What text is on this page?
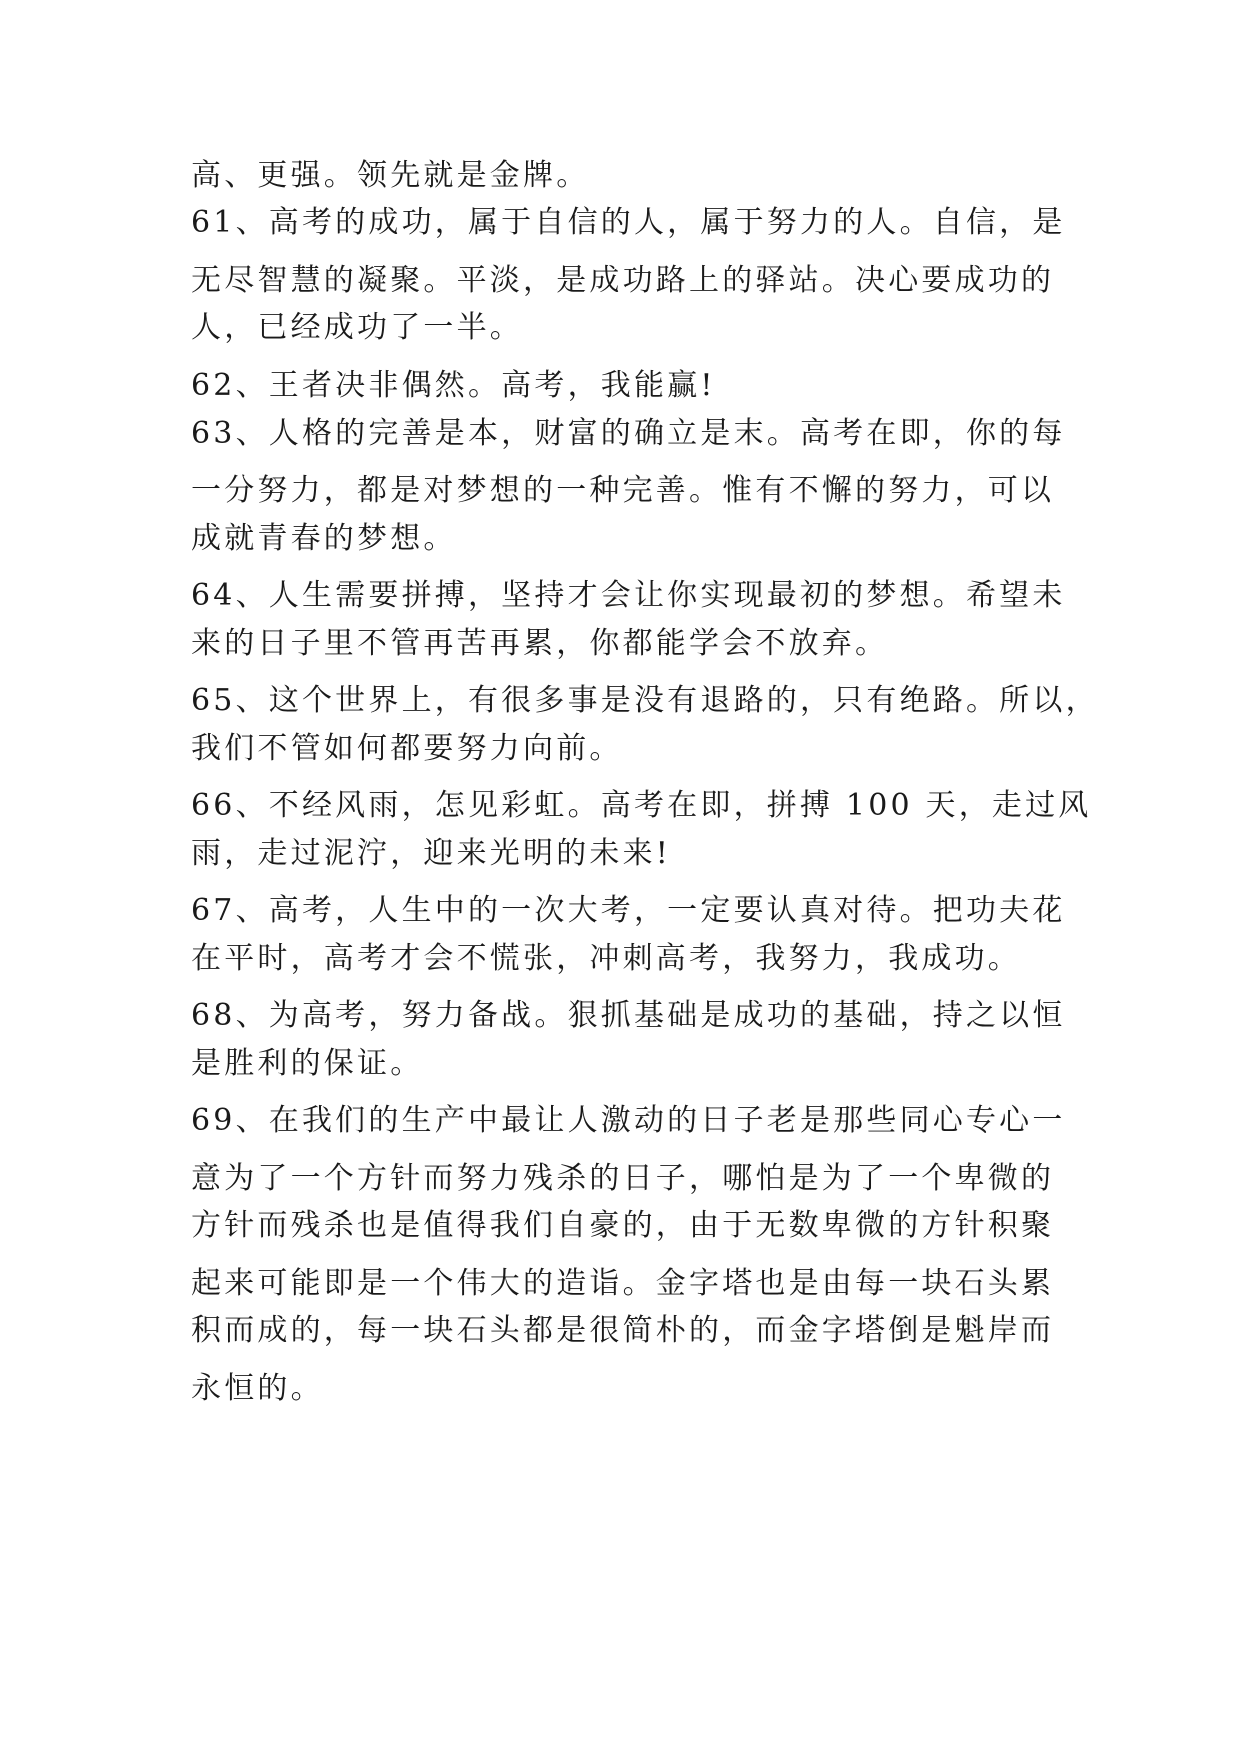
高、更强。领先就是金牌。
61、高考的成功，属于自信的人，属于努力的人。自信，是
无尽智慧的凝聚。平淡，是成功路上的驿站。决心要成功的
人，已经成功了一半。
62、王者决非偶然。高考，我能赢!
63、人格的完善是本，财富的确立是末。高考在即，你的每
一分努力，都是对梦想的一种完善。惟有不懈的努力，可以
成就青春的梦想。
64、人生需要拼搏，坚持才会让你实现最初的梦想。希望未
来的日子里不管再苦再累，你都能学会不放弃。
65、这个世界上，有很多事是没有退路的，只有绝路。所以，
我们不管如何都要努力向前。
66、不经风雨，怎见彩虹。高考在即，拼搏 100 天，走过风
雨，走过泥泞，迎来光明的未来!
67、高考，人生中的一次大考，一定要认真对待。把功夫花
在平时，高考才会不慌张，冲刺高考，我努力，我成功。
68、为高考，努力备战。狠抓基础是成功的基础，持之以恒
是胜利的保证。
69、在我们的生产中最让人激动的日子老是那些同心专心一
意为了一个方针而努力残杀的日子，哪怕是为了一个卑微的
方针而残杀也是值得我们自豪的，由于无数卑微的方针积聚
起来可能即是一个伟大的造诣。金字塔也是由每一块石头累
积而成的，每一块石头都是很简朴的，而金字塔倒是魁岸而
永恒的。
